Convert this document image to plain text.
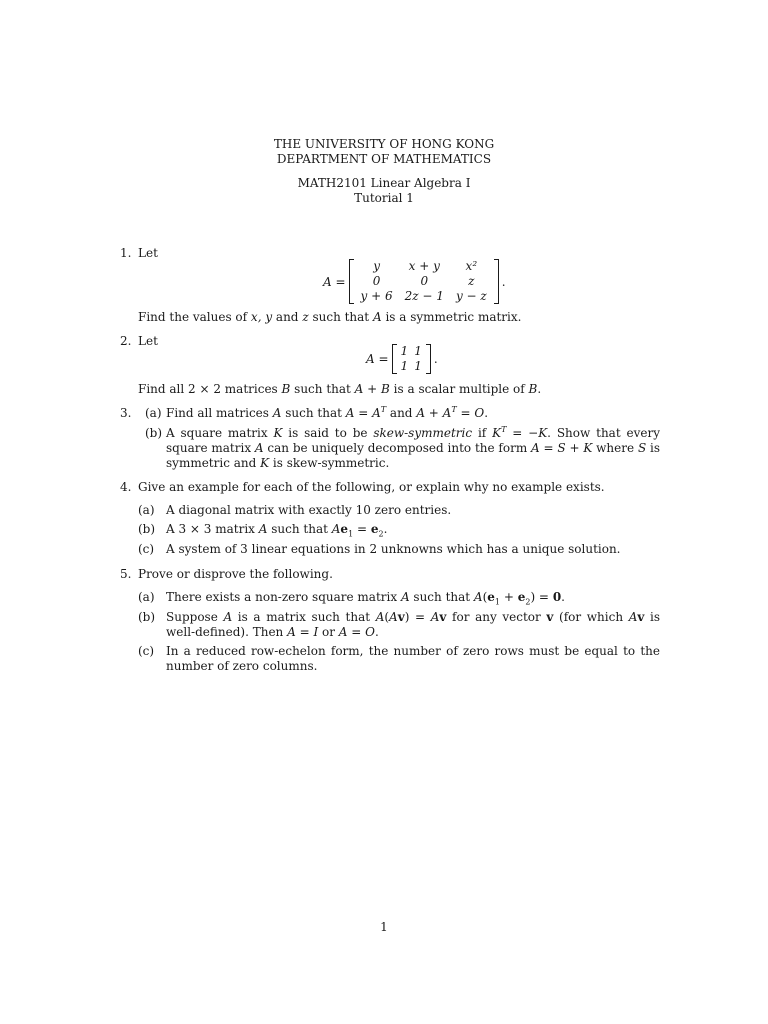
THE UNIVERSITY OF HONG KONG
DEPARTMENT OF MATHEMATICS
MATH2101 Linear Algebra I
Tutorial 1
1. Let
A =
y	x + y	x²
0	0	z
y + 6	2z − 1	y − z
.
Find the values of x, y and z such that A is a symmetric matrix.
2. Let
A =
1	1
1	1 .
Find all 2 × 2 matrices B such that A + B is a scalar multiple of B.
3. (a) Find all matrices A such that $A = A^T$ and $A + A^T = O$.
(b) A square matrix K is said to be skew-symmetric if $K^T = -K$. Show that every square matrix A can be uniquely decomposed into the form A = S + K where S is symmetric and K is skew-symmetric.
4. Give an example for each of the following, or explain why no example exists.
(a) A diagonal matrix with exactly 10 zero entries.
(b) A 3 × 3 matrix A such that $Ae_1 = e_2$.
(c) A system of 3 linear equations in 2 unknowns which has a unique solution.
5. Prove or disprove the following.
(a) There exists a non-zero square matrix A such that $A(e_1 + e_2) = 0$.
(b) Suppose A is a matrix such that A(Av) = Av for any vector v (for which Av is well-defined). Then A = I or A = O.
(c) In a reduced row-echelon form, the number of zero rows must be equal to the number of zero columns.
1
